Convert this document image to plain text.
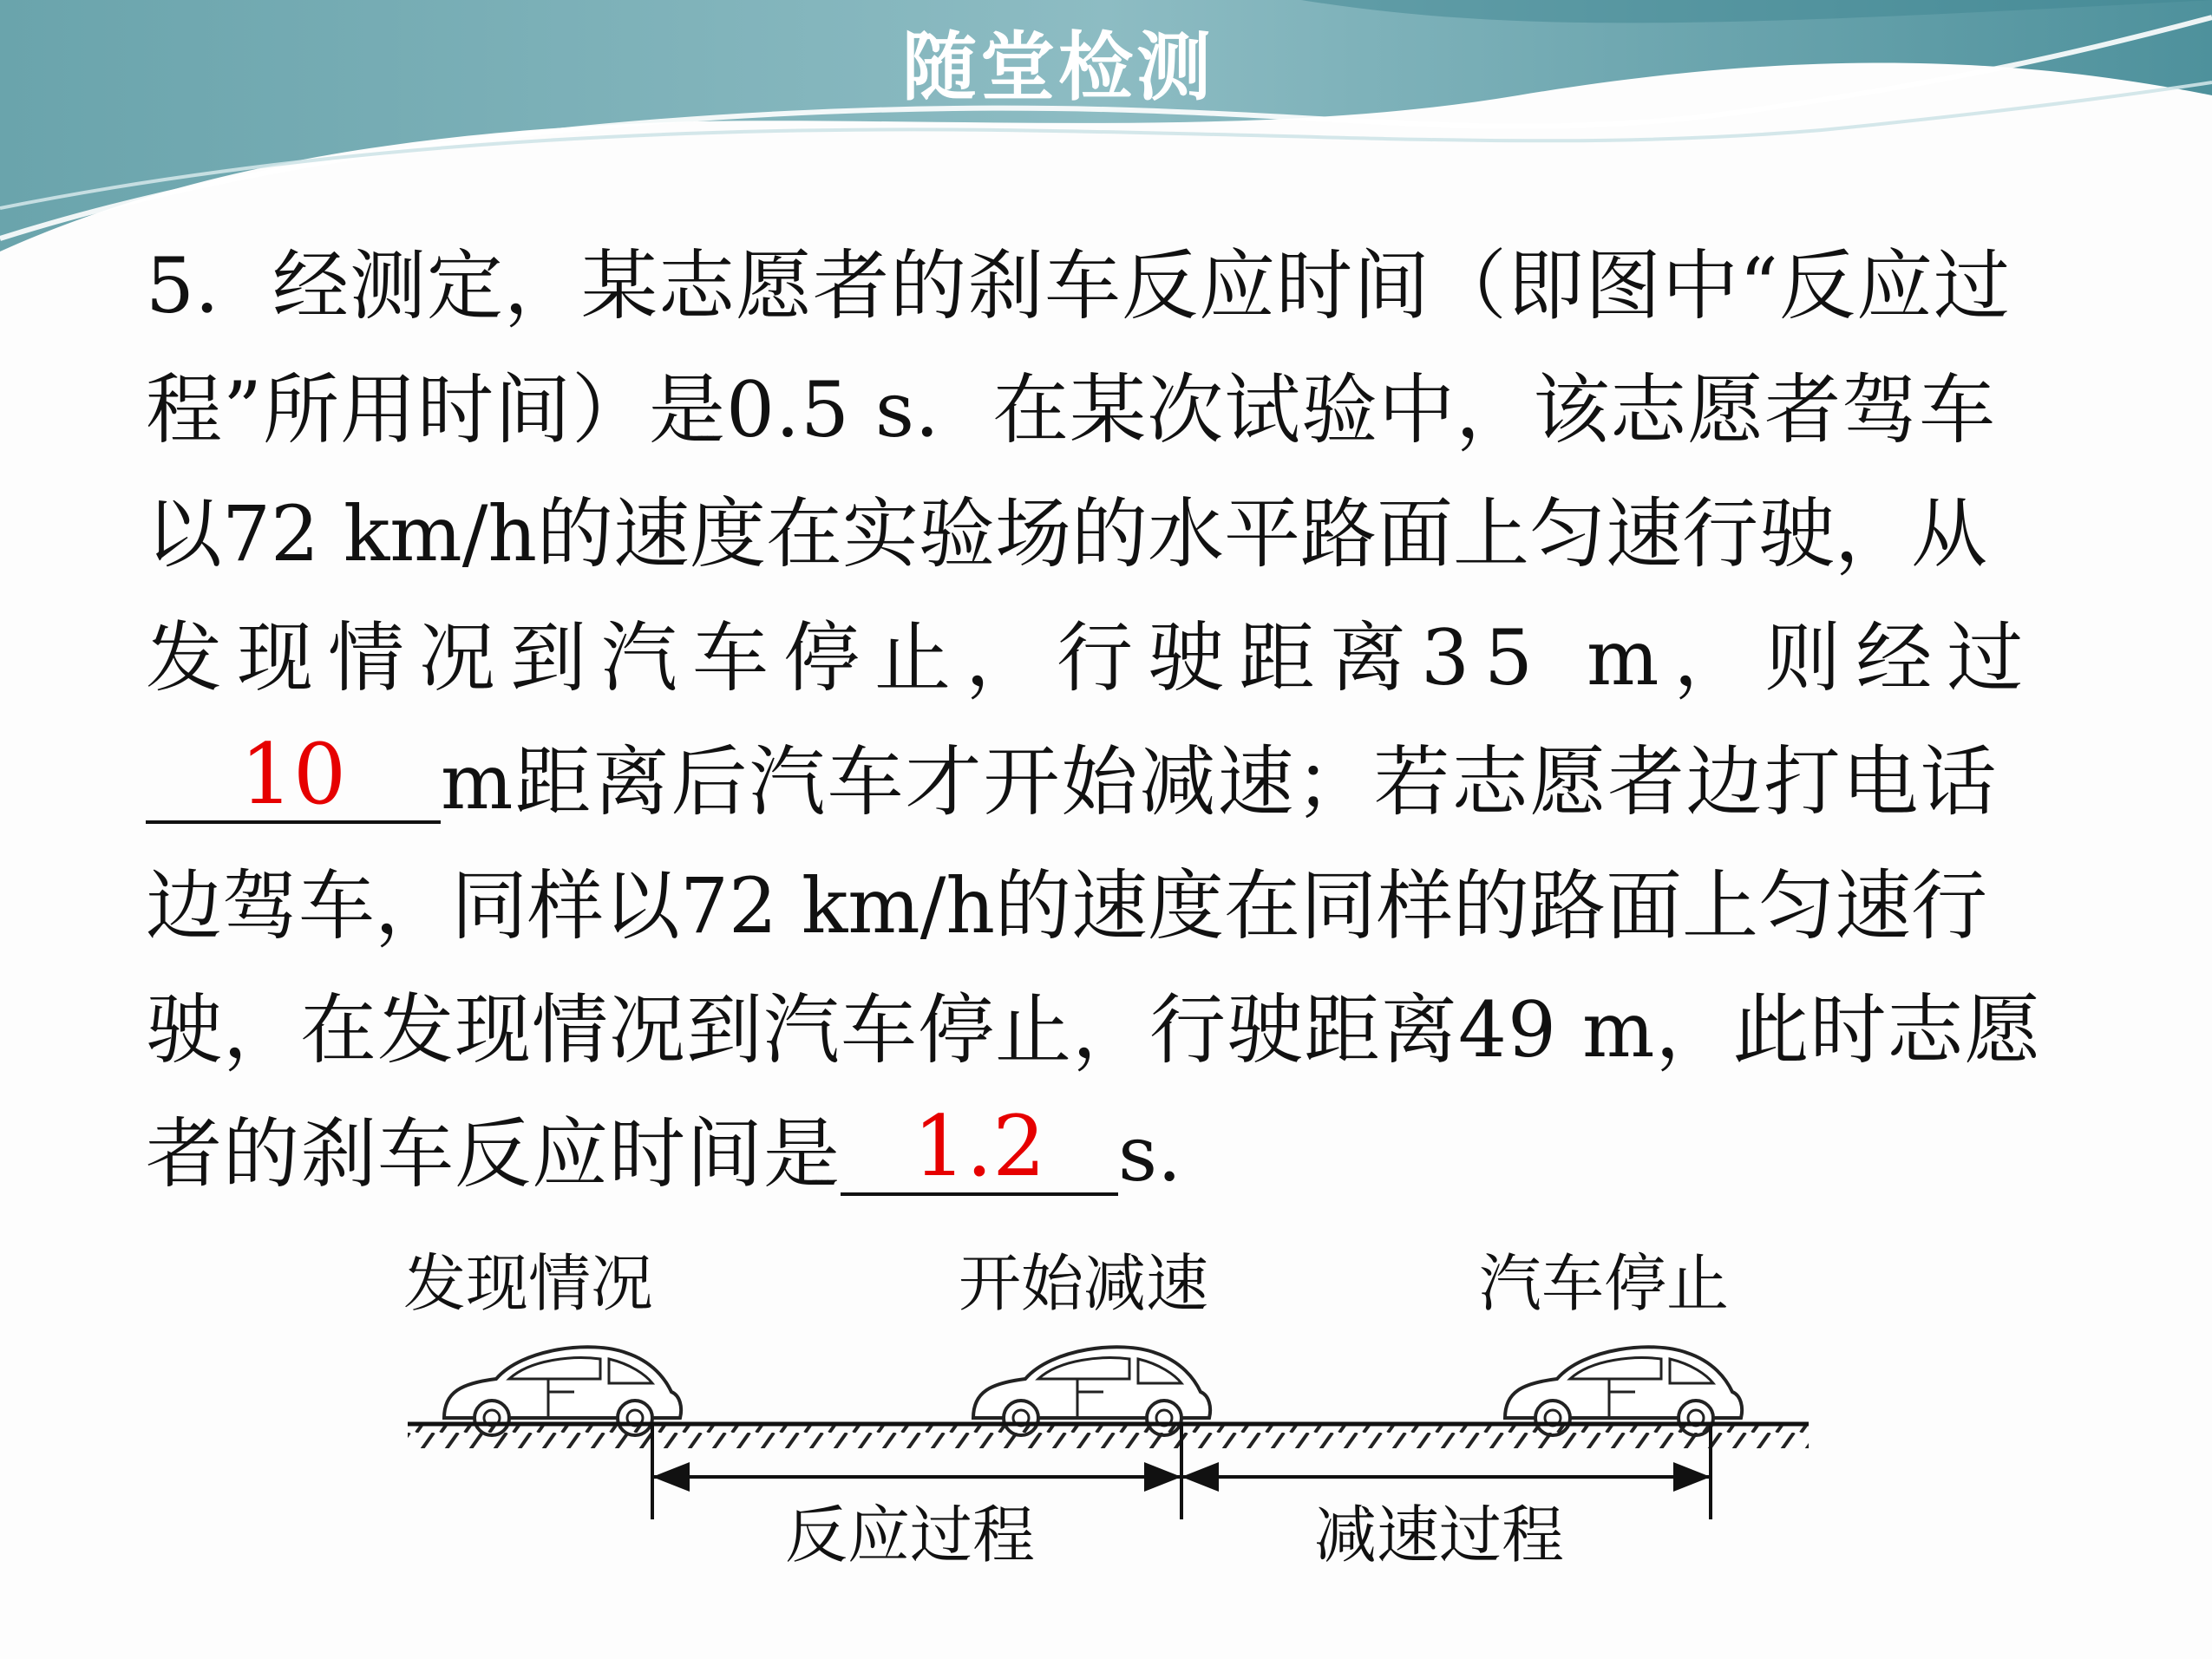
随堂检测
5．经测定，某志愿者的刹车反应时间（即图中“反应过
程”所用时间）是0.5 s．在某次试验中，该志愿者驾车
以72 km/h的速度在实验场的水平路面上匀速行驶，从
发现情况到汽车停止，行驶距离35 m，则经过
10 m距离后汽车才开始减速；若志愿者边打电话
边驾车，同样以72 km/h的速度在同样的路面上匀速行
驶，在发现情况到汽车停止，行驶距离49 m，此时志愿
者的刹车反应时间是 1.2 s.
发现情况	开始减速	汽车停止
反应过程	减速过程
